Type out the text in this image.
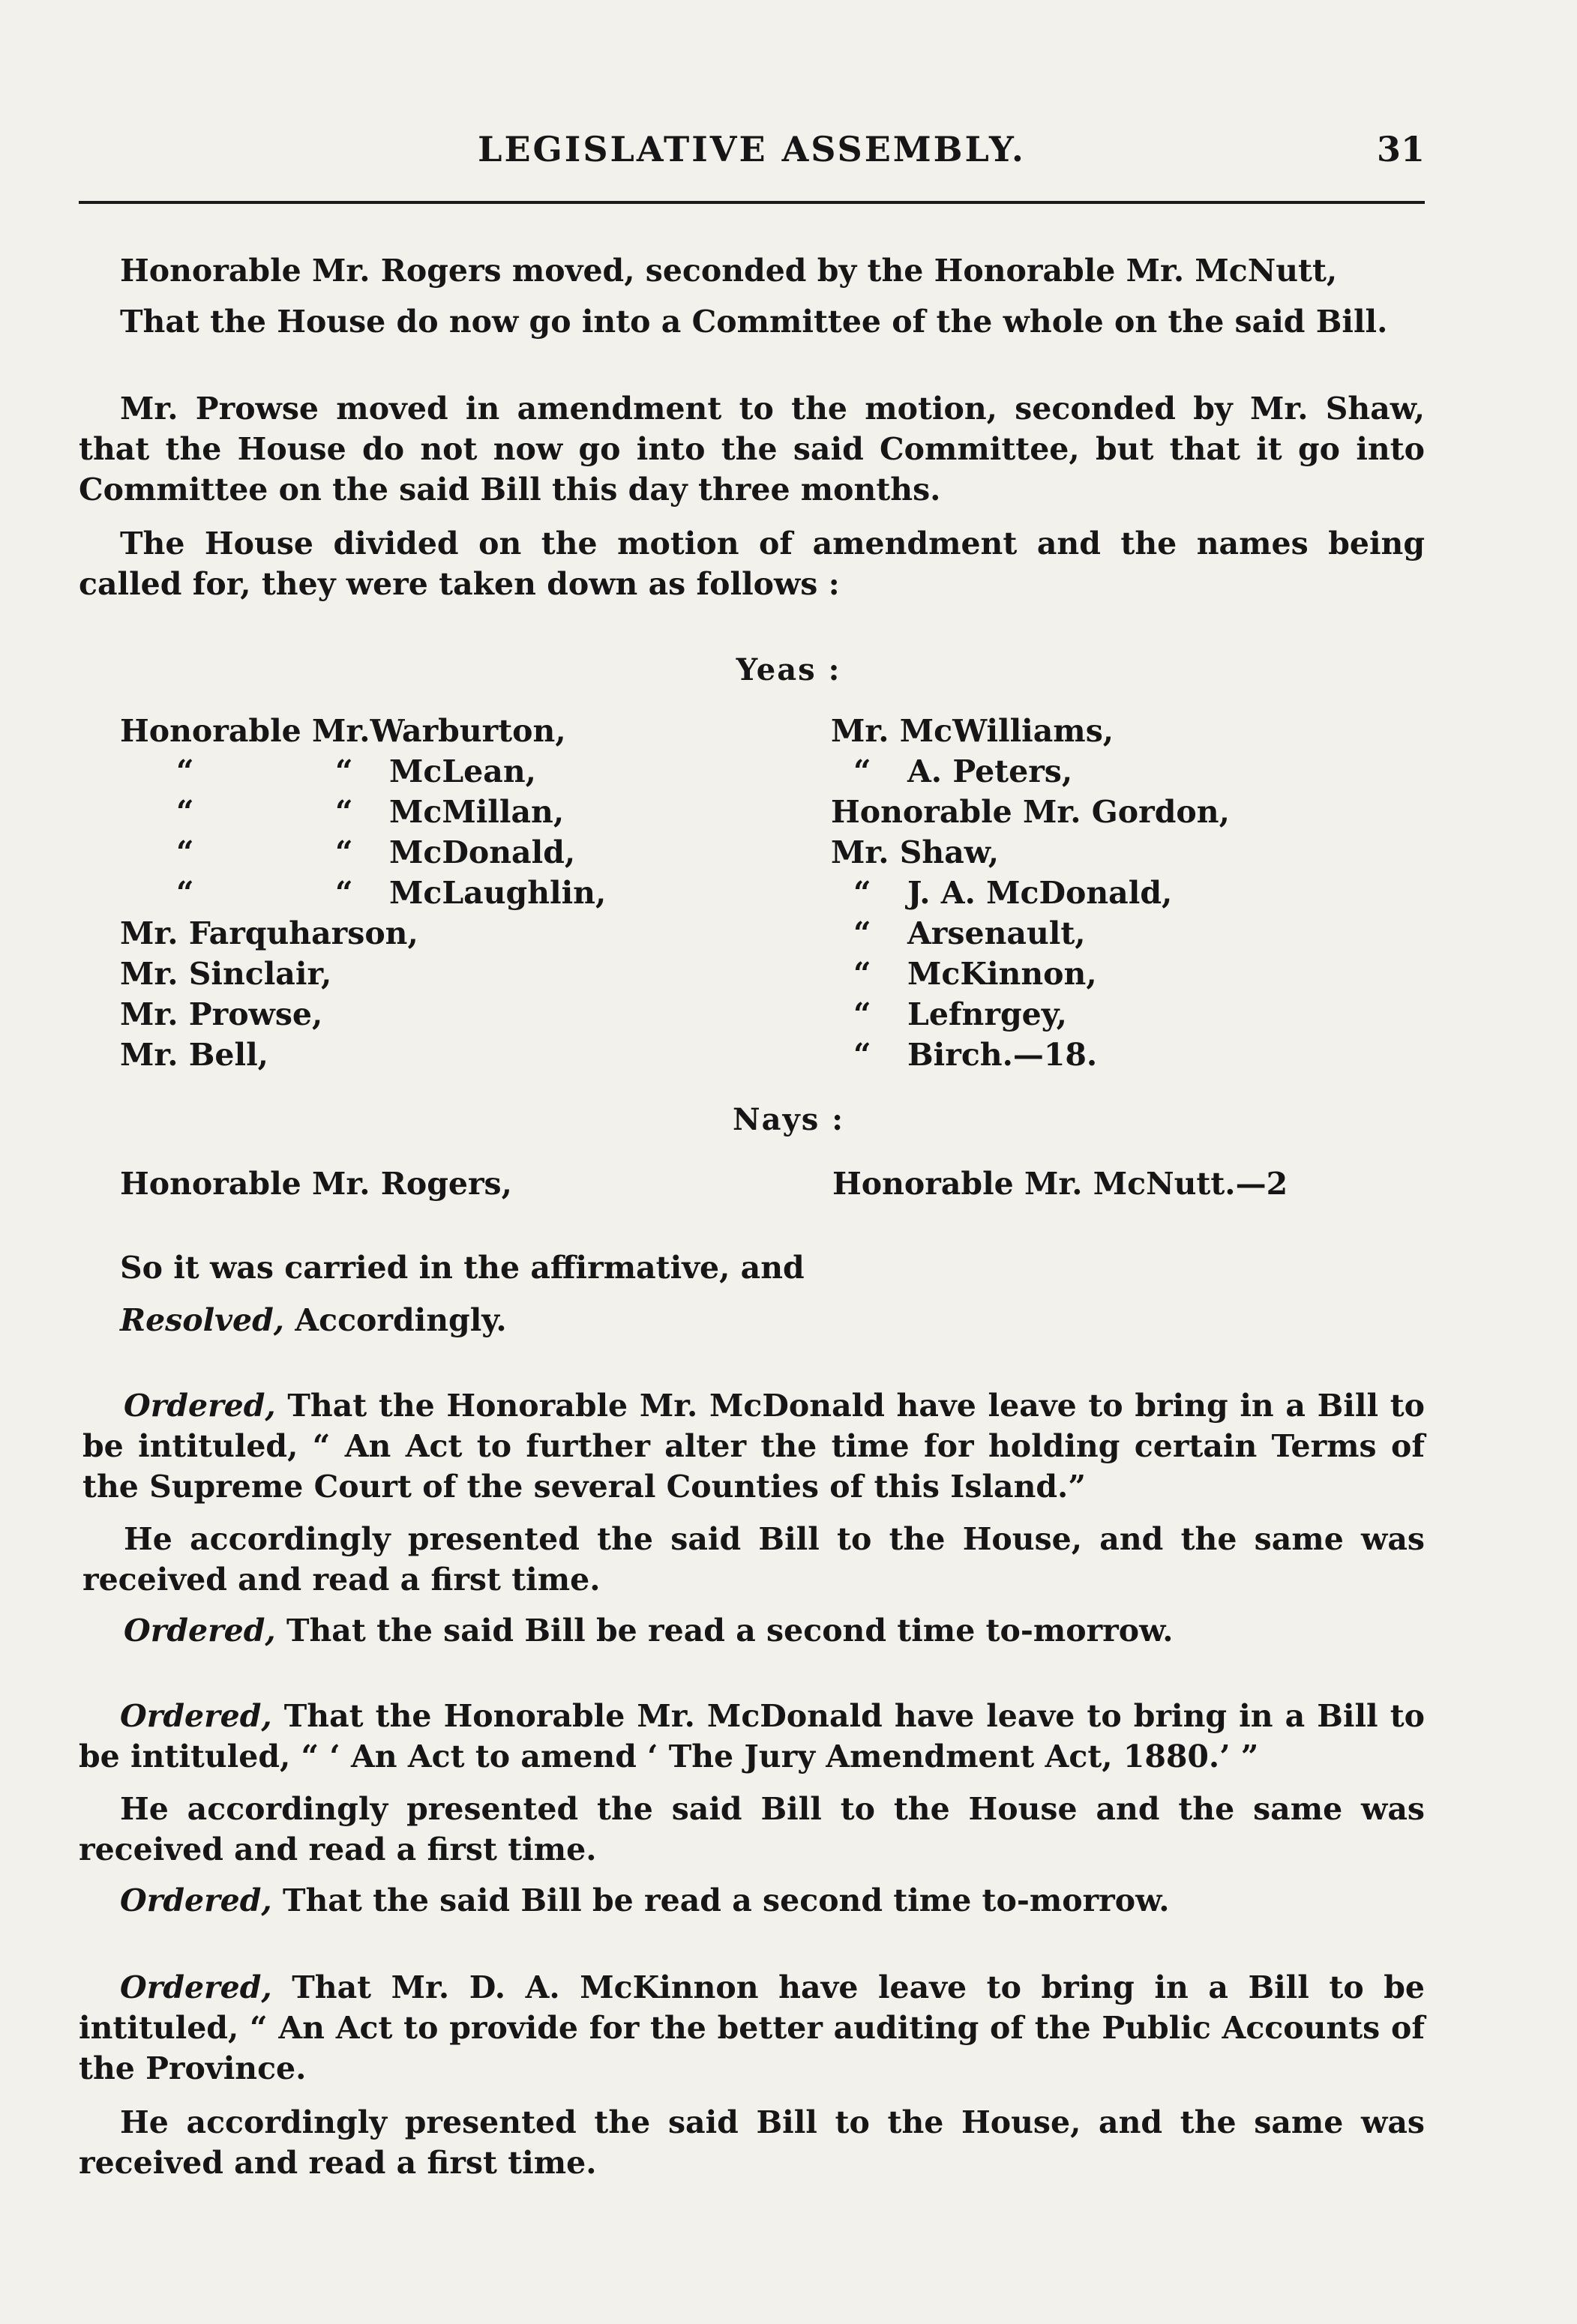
LEGISLATIVE ASSEMBLY.	31
Honorable Mr. Rogers moved, seconded by the Honorable Mr. McNutt,
That the House do now go into a Committee of the whole on the said Bill.
Mr. Prowse moved in amendment to the motion, seconded by Mr. Shaw, that the House do not now go into the said Committee, but that it go into Committee on the said Bill this day three months.
The House divided on the motion of amendment and the names being called for, they were taken down as follows :
Yeas :
Honorable Mr.Warburton,
“	“ McLean,
“	“ McMillan,
“	“ McDonald,
“	“ McLaughlin,
Mr. Farquharson,
Mr. Sinclair,
Mr. Prowse,
Mr. Bell,
Mr. McWilliams,
“ A. Peters,
Honorable Mr. Gordon,
Mr. Shaw,
“ J. A. McDonald,
“ Arsenault,
“ McKinnon,
“ Lefnrgey,
“ Birch.—18.
Nays :
Honorable Mr. Rogers,	Honorable Mr. McNutt.—2
So it was carried in the affirmative, and
Resolved, Accordingly.
Ordered, That the Honorable Mr. McDonald have leave to bring in a Bill to be intituled, “ An Act to further alter the time for holding certain Terms of the Supreme Court of the several Counties of this Island.”
He accordingly presented the said Bill to the House, and the same was received and read a first time.
Ordered, That the said Bill be read a second time to-morrow.
Ordered, That the Honorable Mr. McDonald have leave to bring in a Bill to be intituled, “ ‘ An Act to amend ‘ The Jury Amendment Act, 1880.’ ”
He accordingly presented the said Bill to the House and the same was received and read a first time.
Ordered, That the said Bill be read a second time to-morrow.
Ordered, That Mr. D. A. McKinnon have leave to bring in a Bill to be intituled, “ An Act to provide for the better auditing of the Public Accounts of the Province.
He accordingly presented the said Bill to the House, and the same was received and read a first time.
